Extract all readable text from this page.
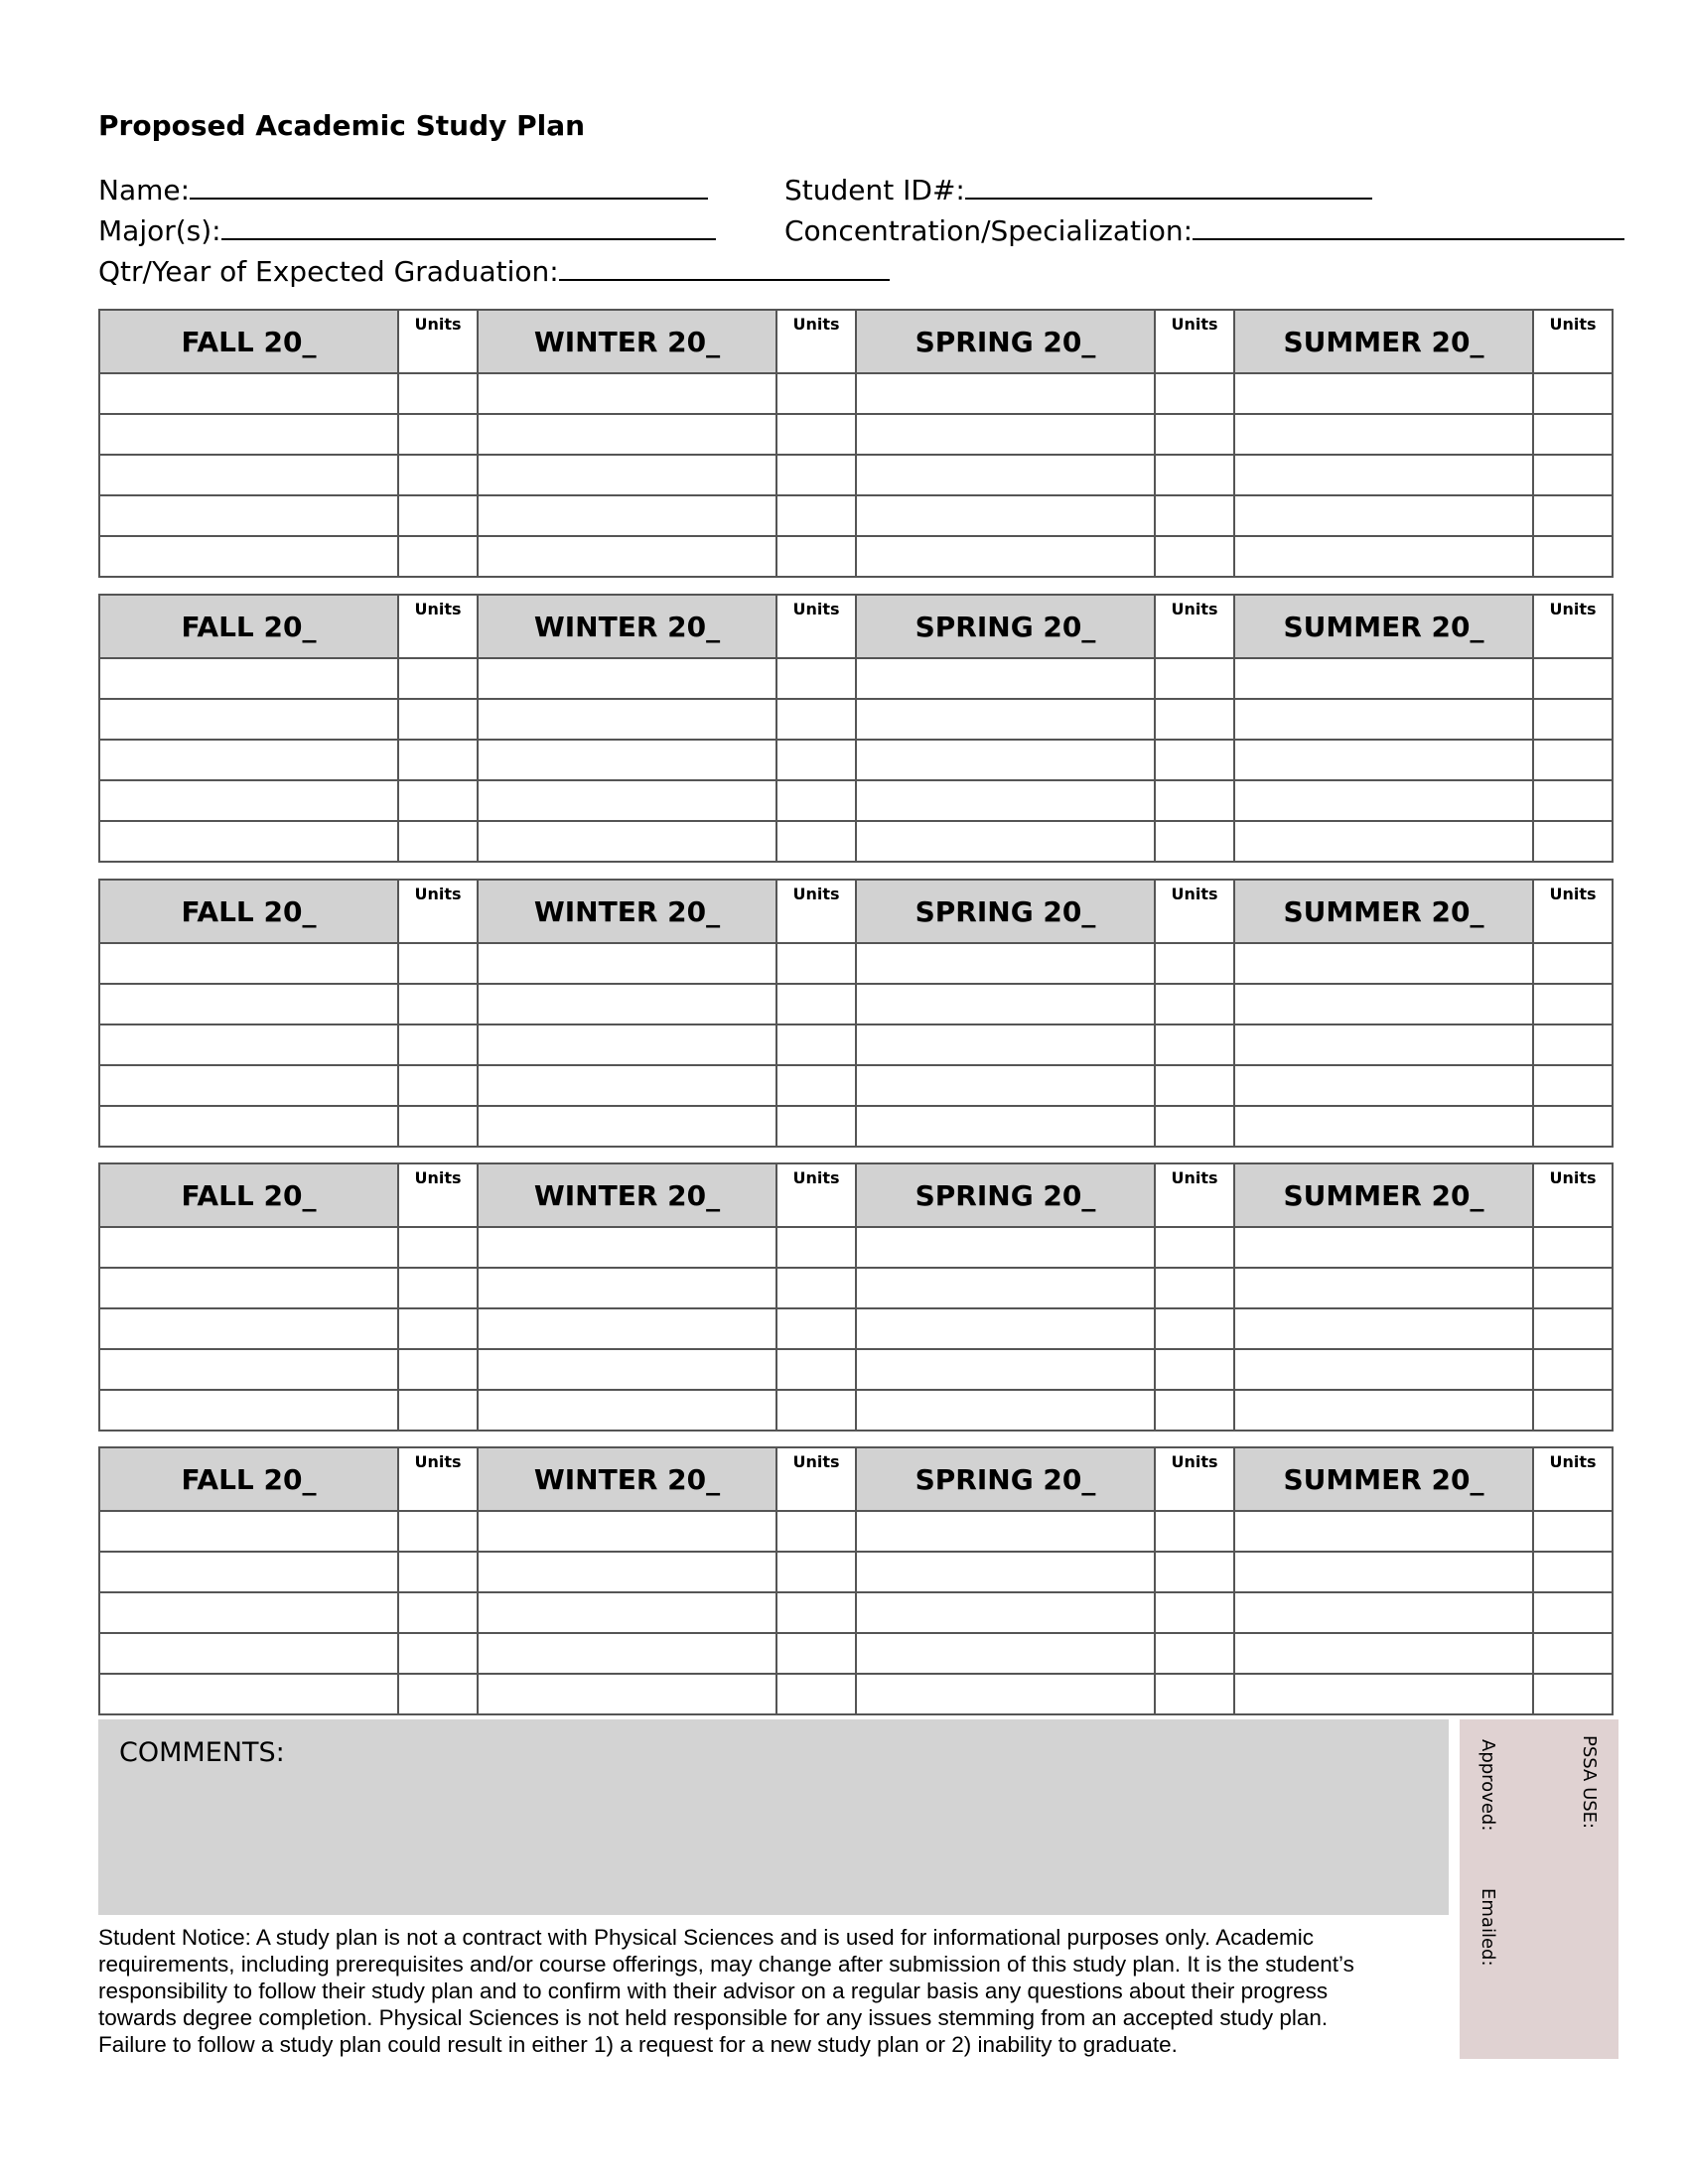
Proposed Academic Study Plan
Name:	Student ID#:
Major(s):	Concentration/Specialization:
Qtr/Year of Expected Graduation:
FALL 20_	Units	WINTER 20_	Units	SPRING 20_	Units	SUMMER 20_	Units

FALL 20_	Units	WINTER 20_	Units	SPRING 20_	Units	SUMMER 20_	Units

FALL 20_	Units	WINTER 20_	Units	SPRING 20_	Units	SUMMER 20_	Units

FALL 20_	Units	WINTER 20_	Units	SPRING 20_	Units	SUMMER 20_	Units

FALL 20_	Units	WINTER 20_	Units	SPRING 20_	Units	SUMMER 20_	Units

COMMENTS:
Student Notice: A study plan is not a contract with Physical Sciences and is used for informational purposes only. Academic
requirements, including prerequisites and/or course offerings, may change after submission of this study plan. It is the student’s
responsibility to follow their study plan and to confirm with their advisor on a regular basis any questions about their progress
towards degree completion. Physical Sciences is not held responsible for any issues stemming from an accepted study plan.
Failure to follow a study plan could result in either 1) a request for a new study plan or 2) inability to graduate.
PSSA USE:
Approved:
Emailed:
